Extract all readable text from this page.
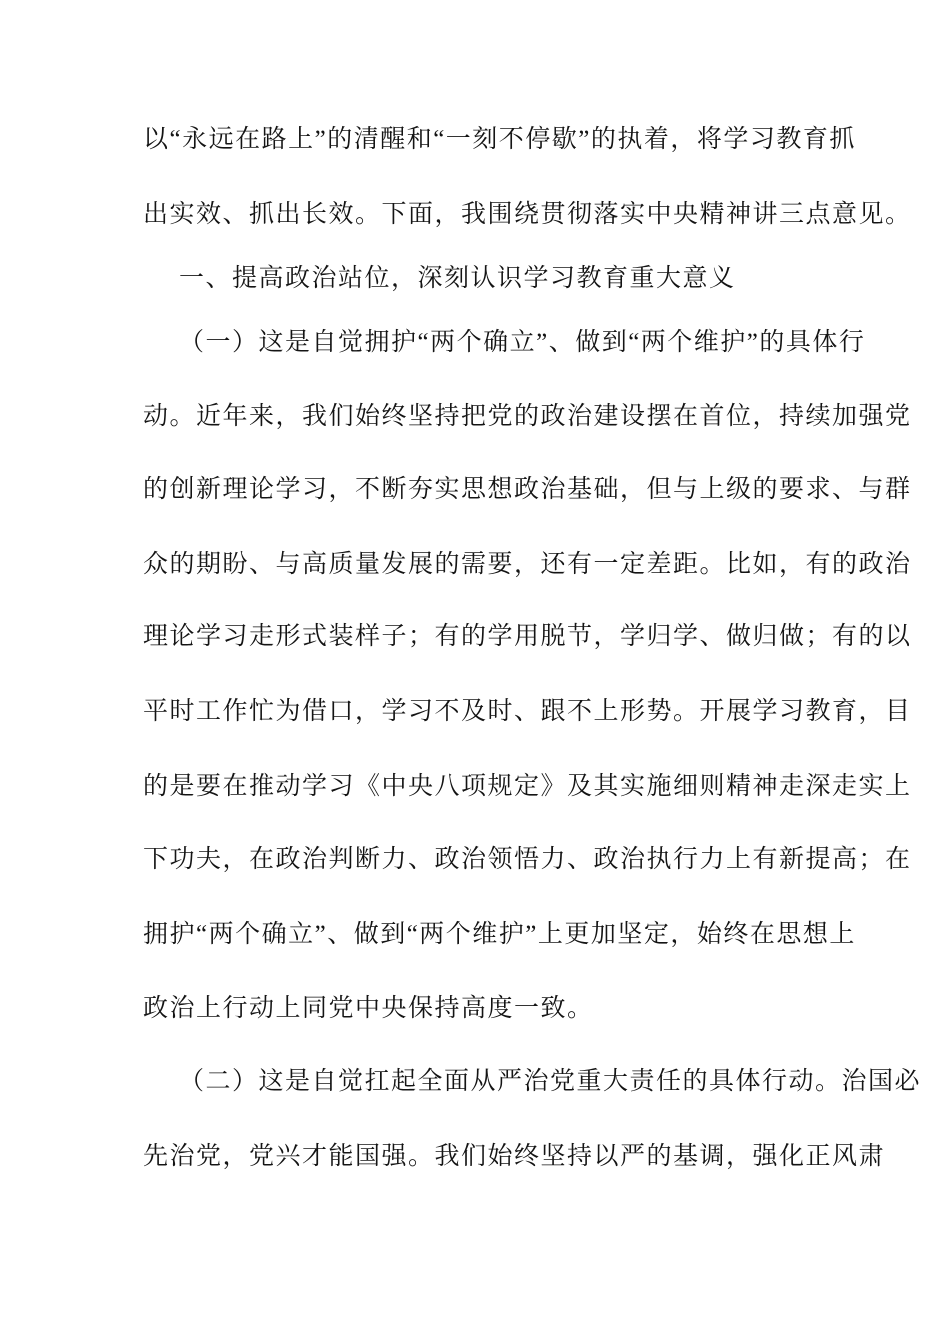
以“永远在路上”的清醒和“一刻不停歇”的执着，将学习教育抓
出实效、抓出长效。下面，我围绕贯彻落实中央精神讲三点意见。
一、提高政治站位，深刻认识学习教育重大意义
（一）这是自觉拥护“两个确立”、做到“两个维护”的具体行
动。近年来，我们始终坚持把党的政治建设摆在首位，持续加强党
的创新理论学习，不断夯实思想政治基础，但与上级的要求、与群
众的期盼、与高质量发展的需要，还有一定差距。比如，有的政治
理论学习走形式装样子；有的学用脱节，学归学、做归做；有的以
平时工作忙为借口，学习不及时、跟不上形势。开展学习教育，目
的是要在推动学习《中央八项规定》及其实施细则精神走深走实上
下功夫，在政治判断力、政治领悟力、政治执行力上有新提高；在
拥护“两个确立”、做到“两个维护”上更加坚定，始终在思想上
政治上行动上同党中央保持高度一致。
（二）这是自觉扛起全面从严治党重大责任的具体行动。治国必
先治党，党兴才能国强。我们始终坚持以严的基调，强化正风肃
